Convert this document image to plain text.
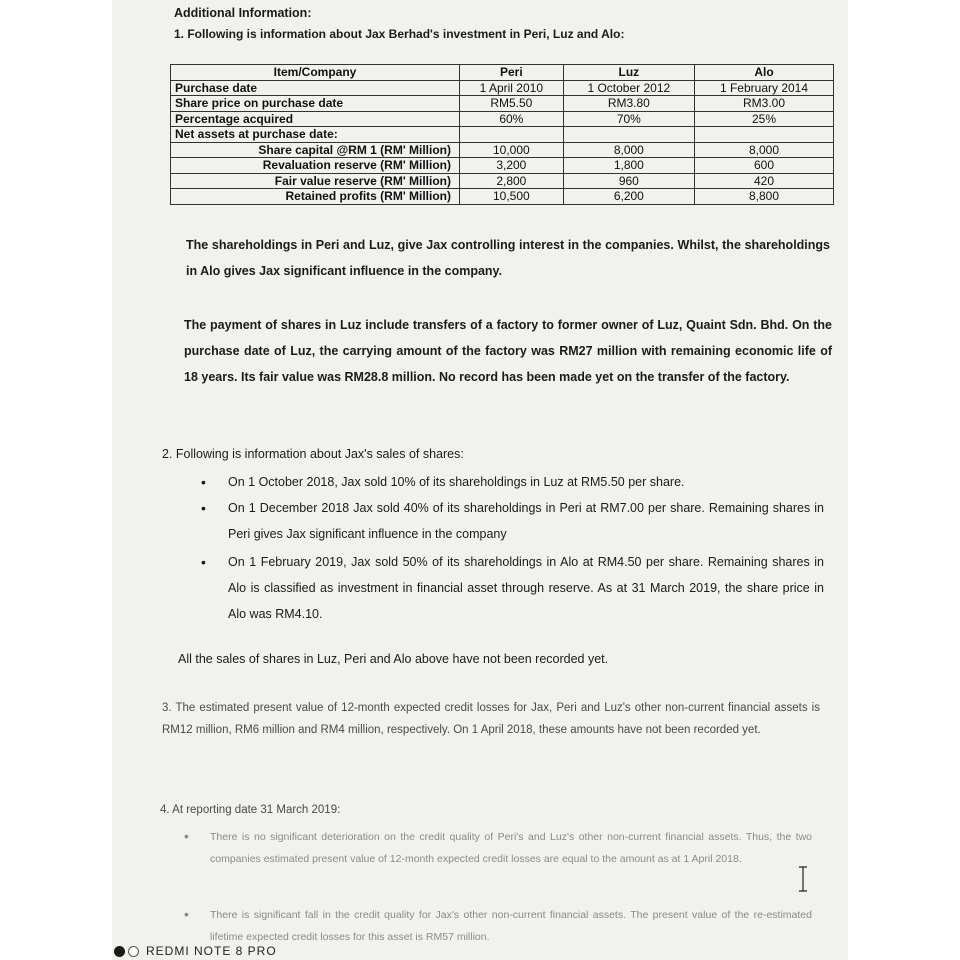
Additional Information:
1. Following is information about Jax Berhad's investment in Peri, Luz and Alo:
Item/Company	Peri	Luz	Alo
Purchase date	1 April 2010	1 October 2012	1 February 2014
Share price on purchase date	RM5.50	RM3.80	RM3.00
Percentage acquired	60%	70%	25%
Net assets at purchase date:			

Share capital @RM 1 (RM' Million)	10,000	8,000	8,000

Revaluation reserve (RM' Million)	3,200	1,800	600

Fair value reserve (RM' Million)	2,800	960	420

Retained profits (RM' Million)	10,500	6,200	8,800

The shareholdings in Peri and Luz, give Jax controlling interest in the companies. Whilst, the shareholdings in Alo gives Jax significant influence in the company.

The payment of shares in Luz include transfers of a factory to former owner of Luz, Quaint Sdn. Bhd. On the purchase date of Luz, the carrying amount of the factory was RM27 million with remaining economic life of 18 years. Its fair value was RM28.8 million. No record has been made yet on the transfer of the factory.

2. Following is information about Jax's sales of shares:
• On 1 October 2018, Jax sold 10% of its shareholdings in Luz at RM5.50 per share.

• On 1 December 2018 Jax sold 40% of its shareholdings in Peri at RM7.00 per share. Remaining shares in Peri gives Jax significant influence in the company

• On 1 February 2019, Jax sold 50% of its shareholdings in Alo at RM4.50 per share. Remaining shares in Alo is classified as investment in financial asset through reserve. As at 31 March 2019, the share price in Alo was RM4.10.

All the sales of shares in Luz, Peri and Alo above have not been recorded yet.

3. The estimated present value of 12-month expected credit losses for Jax, Peri and Luz's other non-current financial assets is RM12 million, RM6 million and RM4 million, respectively. On 1 April 2018, these amounts have not been recorded yet.

4. At reporting date 31 March 2019:
• There is no significant deterioration on the credit quality of Peri's and Luz's other non-current financial assets. Thus, the two companies estimated present value of 12-month expected credit losses are equal to the amount as at 1 April 2018.

• There is significant fall in the credit quality for Jax's other non-current financial assets. The present value of the re-estimated lifetime expected credit losses for this asset is RM57 million.

REDMI NOTE 8 PRO
